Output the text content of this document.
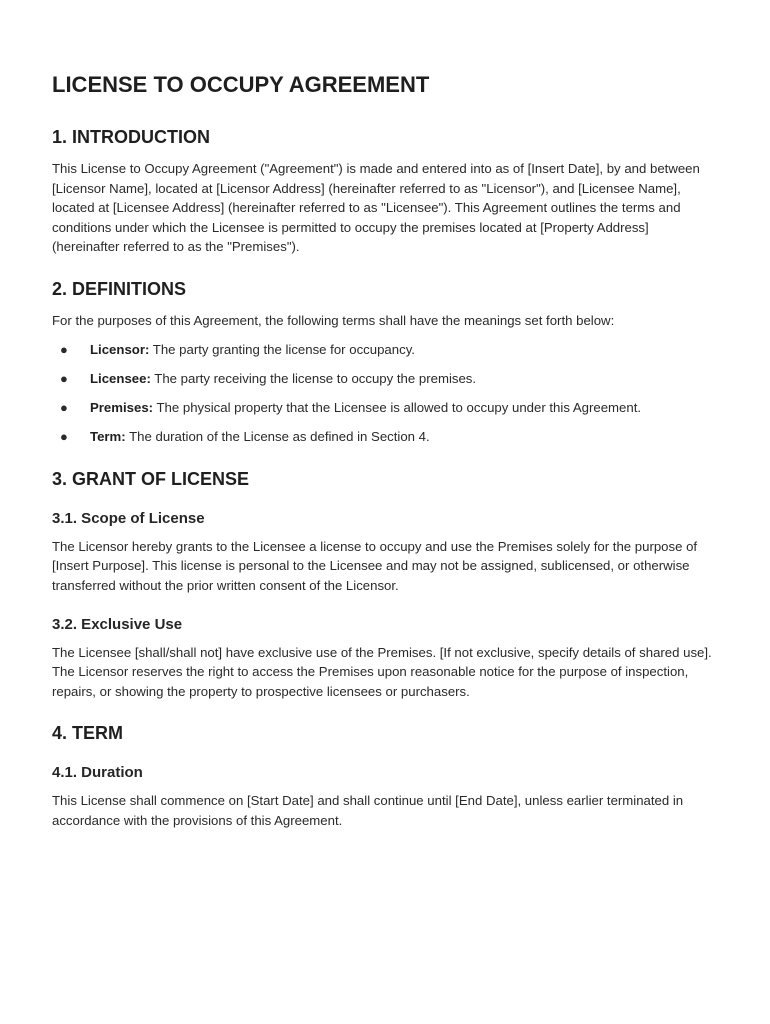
LICENSE TO OCCUPY AGREEMENT
1. INTRODUCTION

This License to Occupy Agreement ("Agreement") is made and entered into as of [Insert Date], by and between [Licensor Name], located at [Licensor Address] (hereinafter referred to as "Licensor"), and [Licensee Name], located at [Licensee Address] (hereinafter referred to as "Licensee"). This Agreement outlines the terms and conditions under which the Licensee is permitted to occupy the premises located at [Property Address] (hereinafter referred to as the "Premises").

2. DEFINITIONS

For the purposes of this Agreement, the following terms shall have the meanings set forth below:

● Licensor: The party granting the license for occupancy.
● Licensee: The party receiving the license to occupy the premises.
● Premises: The physical property that the Licensee is allowed to occupy under this Agreement.
● Term: The duration of the License as defined in Section 4.
3. GRANT OF LICENSE
3.1. Scope of License

The Licensor hereby grants to the Licensee a license to occupy and use the Premises solely for the purpose of [Insert Purpose]. This license is personal to the Licensee and may not be assigned, sublicensed, or otherwise transferred without the prior written consent of the Licensor.

3.2. Exclusive Use

The Licensee [shall/shall not] have exclusive use of the Premises. [If not exclusive, specify details of shared use]. The Licensor reserves the right to access the Premises upon reasonable notice for the purpose of inspection, repairs, or showing the property to prospective licensees or purchasers.

4. TERM
4.1. Duration

This License shall commence on [Start Date] and shall continue until [End Date], unless earlier terminated in accordance with the provisions of this Agreement.
